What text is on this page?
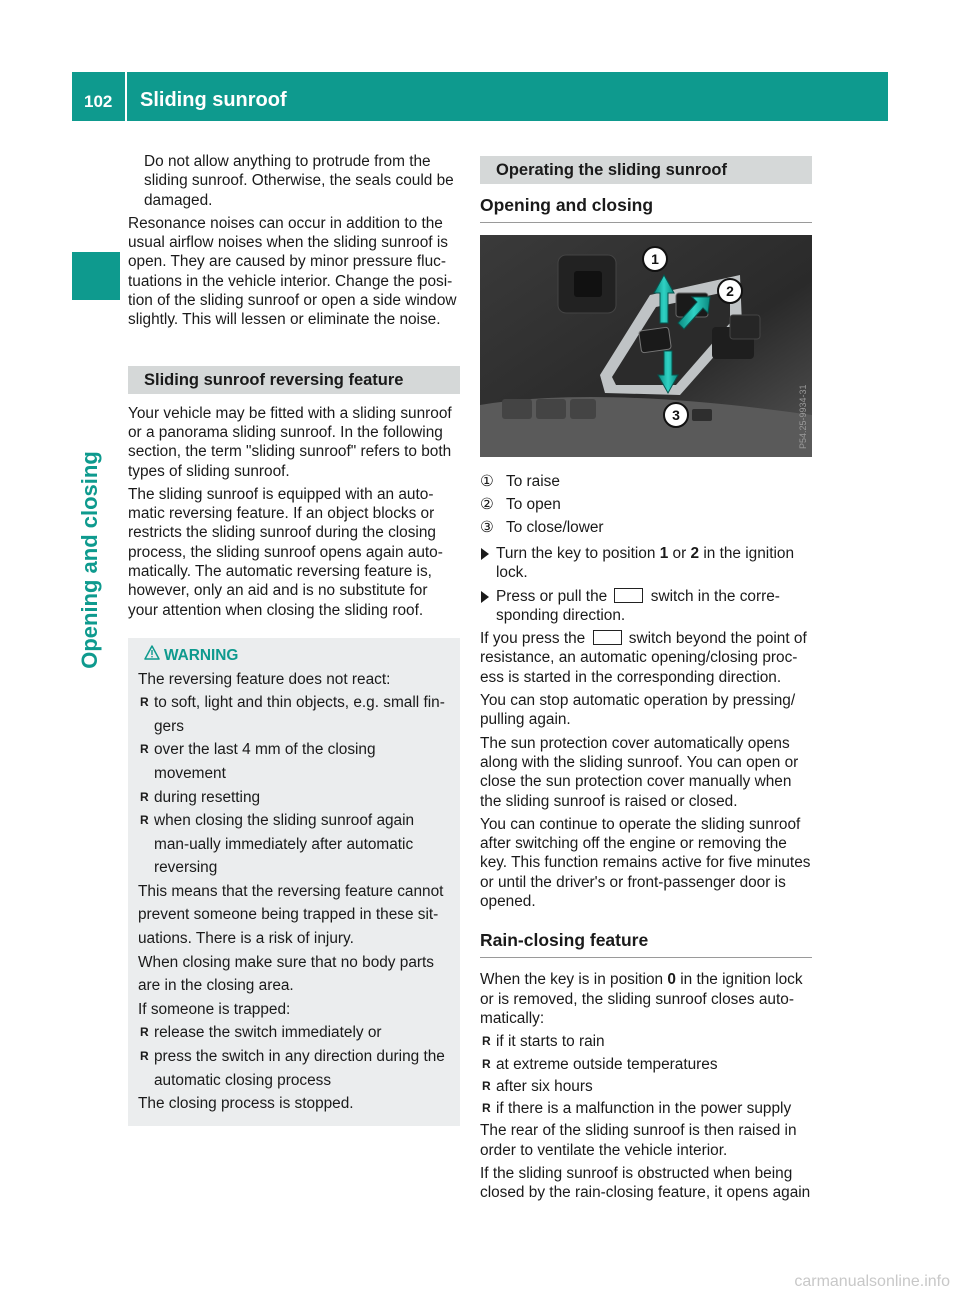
102 Sliding sunroof
Opening and closing

Do not allow anything to protrude from the sliding sunroof. Otherwise, the seals could be damaged.

Resonance noises can occur in addition to the usual airflow noises when the sliding sunroof is open. They are caused by minor pressure fluc-tuations in the vehicle interior. Change the posi-tion of the sliding sunroof or open a side window slightly. This will lessen or eliminate the noise.

Sliding sunroof reversing feature

Your vehicle may be fitted with a sliding sunroof or a panorama sliding sunroof. In the following section, the term "sliding sunroof" refers to both types of sliding sunroof.

The sliding sunroof is equipped with an auto-matic reversing feature. If an object blocks or restricts the sliding sunroof during the closing process, the sliding sunroof opens again auto-matically. The automatic reversing feature is, however, only an aid and is no substitute for your attention when closing the sliding roof.

WARNING

The reversing feature does not react:

R to soft, light and thin objects, e.g. small fin-gers
R over the last 4 mm of the closing movement
R during resetting
R when closing the sliding sunroof again man-ually immediately after automatic reversing

This means that the reversing feature cannot prevent someone being trapped in these sit-uations. There is a risk of injury.

When closing make sure that no body parts are in the closing area.

If someone is trapped:

R release the switch immediately or
R press the switch in any direction during the automatic closing process

The closing process is stopped.

Operating the sliding sunroof
Opening and closing
1
2
3	P54.25-9934-31
① To raise
② To open
③ To close/lower
Turn the key to position 1 or 2 in the ignition lock.
Press or pull the  switch in the corre-sponding direction.

If you press the  switch beyond the point of resistance, an automatic opening/closing proc-ess is started in the corresponding direction.

You can stop automatic operation by pressing/ pulling again.

The sun protection cover automatically opens along with the sliding sunroof. You can open or close the sun protection cover manually when the sliding sunroof is raised or closed.

You can continue to operate the sliding sunroof after switching off the engine or removing the key. This function remains active for five minutes or until the driver's or front-passenger door is opened.

Rain-closing feature

When the key is in position 0 in the ignition lock or is removed, the sliding sunroof closes auto-matically:

R if it starts to rain
R at extreme outside temperatures
R after six hours
R if there is a malfunction in the power supply

The rear of the sliding sunroof is then raised in order to ventilate the vehicle interior.

If the sliding sunroof is obstructed when being closed by the rain-closing feature, it opens again

carmanualsonline.info
